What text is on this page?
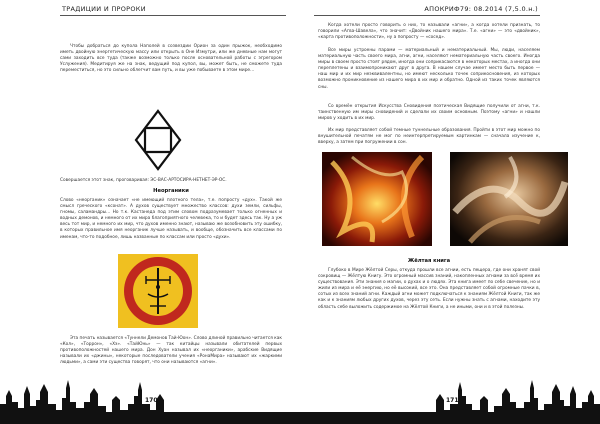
ТРАДИЦИИ И ПРОРОКИ

Чтобы добраться до купола Наполей в созвездии Орион за один прыжок, необходимо иметь двойную энергетическую массу или открыть в Оне Измутри, или же дневные нам могут сами заходить все туда (также возможно только после основательной работы с эгрегором Услужения). Медитируя же на знак, ведущий под купол, вы, может быть, не сможете туда переместиться, но это сильно облегчит вам путь, и вы уже побываете в этом мире...

Совершается этот знак, проговаривая: ЭС-ВАС-АРТОСИРА-НЕТНЕТ-ЭР-ОС.

Неорганики

Слово «неорганик» означает «не имеющий плотного тела», т.е. попросту «дух». Такой же смысл греческого «ксонат». А духов существует множество классов: духи земли, сильфы, гномы, саламандры... Но т.к. Кастанеда под этим словом подразумевает только огненных и водных демонов, и немного от их мира благоприятного челевека, то и будет здесь так. Ну а уж весь тот мир, и немного их мир, что духов именно знают, называю же возобновить эту ошибку, в которых правильное имя неорганик лучше называть, и вообще, обозначить все классами по именам, что-то подобное, лишь названные по классам или просто «духи».

Эта печать называется «Туннели Демонов Тай-Юон». Слово длиной правильно читается как «Кол», «Торрон», «Хэ». «ТайЮнь» — так китайцы называли обитателей первых противоположностей нашего мира. Дон Хуан называл их «неорганики», арабские Видящие называли их «джины», некоторые последователи учения «РонаМира» называют их «жаркими людьми», а сами эти существа говорят, что они называются «агни».

170
АПОКРИФ79: 08.2014 (7,5.0.н.)

Когда хотели просто говорить о них, то называли «агни», а когда хотели признать, то говорили «Агва-Шавела», что значит: «Двойник нашего мира». Т.е. «агни» — это «двойник», «карта противоположности», ну а попросту — «сосед».

Все миры устроены парами — материальный и нематериальный. Мы, люди, населяем материальную часть своего мира, агни, агни, населяют нематериальную часть своего. Иногда миры в своем просто стоят рядом, иногда они соприкасаются в некоторых местах, а иногда они переплетены и взаимопроникают друг в друга. В нашем случае имеет место быть первое — наш мир и их мир неэквивалентны, но имеют несколько точек соприкосновения, из которых возможно проникновение из нашего мира в их мир и обратно. Одной из таких точек являются сны.

Со времён открытия Искусства Сновидения поэтическая Видящие получили от агни, т.к. таинственную им миры сновидений и сделали их своим основным. Поэтому «агни» и нашли миров у ходить в их мир.

Их мир представляет собой темные туннельные образования. Пройти в этот мир можно по внушительной печатям не мог по неинтерпретируемым картинкам — сначала изучение к, вверху, а затем при погружении в сон.

Жёлтая книга

Глубоко в Мире Жёлтой Серы, откуда прошли все агнии, есть пещера, где они хранят свой сокровищ — Жёлтую Книгу. Это огромный массив знаний, накопленных агнами за всё время их существования. Эти знания о магии, о духах и о людях. Эта книга имеет по себе свечение, но и жили из мира и её энергию, но её высокий, все это. Она представляет собой огромные пачки в, сотых из всех знаний агни. Каждый агни может подключаться к знаниям Жёлтой Книги, так же как и к знаниям любых других духов, через эту сеть. Если нужны знать с агнами, находите эту область себе выложить содержимое на Жёлтой Книги, а не иными, они и в этой полезны.

171
